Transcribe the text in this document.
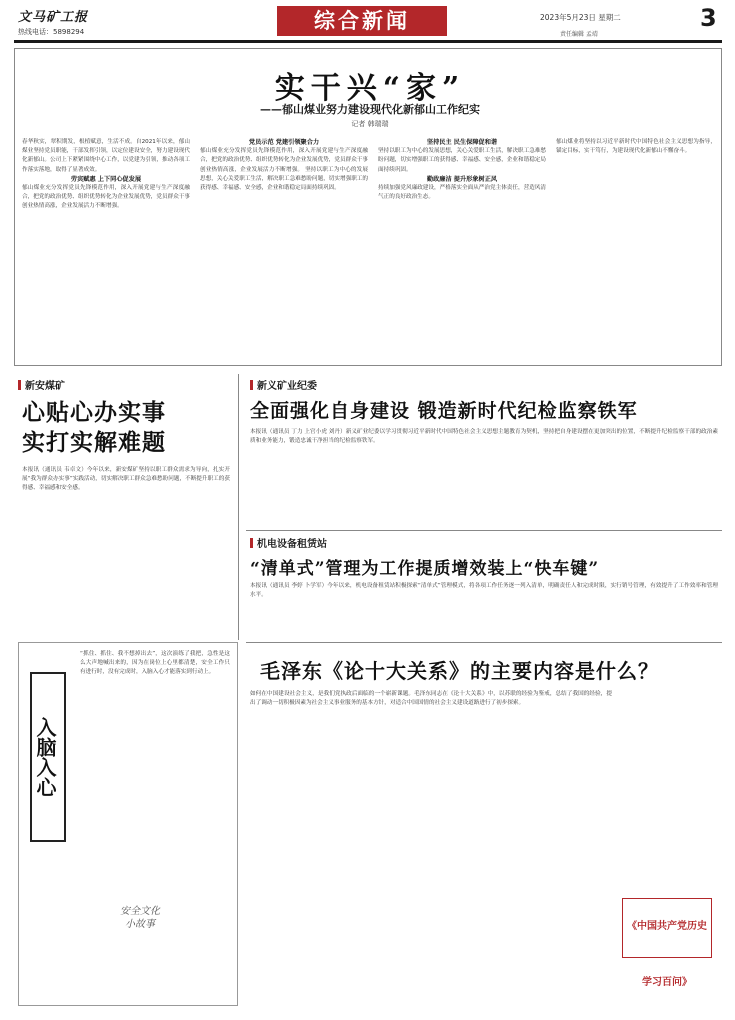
文马矿工报
热线电话：5898294	综合新闻	2023年5月23日 星期二	3
责任编辑 孟靖
实干兴“家”
——郁山煤业努力建设现代化新郁山工作纪实
记者 韩瑞瑞
春华秋实，翠积期发，根植赋意，生活不成。自2021年以来，郁山煤业坚持党员职能，干部发挥引领，以定位建设安全，努力建设现代化新郁山。公司上下紧紧围绕中心工作，以党建为引领，推动各项工作落实落地，取得了显著成效。
劳宾赋惠 上下同心促发展
郁山煤业充分发挥党员先锋模范作用，深入开展党建与生产深度融合，把党的政治优势、组织优势转化为企业发展优势，党员群众干事创业热情高涨，企业发展活力不断增强。
党员示范 党建引领聚合力
郁山煤业充分发挥党员先锋模范作用，深入开展党建与生产深度融合，把党的政治优势、组织优势转化为企业发展优势，党员群众干事创业热情高涨，企业发展活力不断增强。 坚持以职工为中心的发展思想，关心关爱职工生活，解决职工急难愁盼问题，切实增强职工的获得感、幸福感、安全感，企业和谐稳定局面持续巩固。
坚持民主 民生保障促和谐
坚持以职工为中心的发展思想，关心关爱职工生活，解决职工急难愁盼问题，切实增强职工的获得感、幸福感、安全感，企业和谐稳定局面持续巩固。
勤政廉洁 提升形象树正风
持续加强党风廉政建设，严格落实全面从严治党主体责任，营造风清气正的良好政治生态。
郁山煤业将坚持以习近平新时代中国特色社会主义思想为指导，锚定目标，实干笃行，为建设现代化新郁山不懈奋斗。
新安煤矿
心贴心办实事
实打实解难题
本报讯（通讯员 韦卓文）今年以来，新安煤矿坚持以职工群众需求为导向，扎实开展“我为群众办实事”实践活动，切实解决职工群众急难愁盼问题，不断提升职工的获得感、幸福感和安全感。
新义矿业纪委
全面强化自身建设 锻造新时代纪检监察铁军
本报讯（通讯员 丁力 上官小虎 刘丹）新义矿业纪委以学习贯彻习近平新时代中国特色社会主义思想主题教育为契机，坚持把自身建设摆在更加突出的位置，不断提升纪检监察干部的政治素质和业务能力，锻造忠诚干净担当的纪检监察铁军。
机电设备租赁站
“清单式”管理为工作提质增效装上“快车键”
本报讯（通讯员 李婷 卜学军）今年以来，机电设备租赁站积极探索“清单式”管理模式，将各项工作任务逐一列入清单，明确责任人和完成时限，实行销号管理，有效提升了工作效率和管理水平。
入脑入心
“抓住、抓住、我不想掉出去”，这次演练了我把，急性是这么大声地喊出来的，因为在岗位上心里都清楚，安全工作只有进行时，没有完成时，入脑入心才能落实到行动上。
安全文化小故事
毛泽东《论十大关系》的主要内容是什么？
如何在中国建设社会主义，是我们党执政后面临的一个崭新课题。毛泽东同志在《论十大关系》中，以苏联的经验为鉴戒，总结了我国的经验，提出了调动一切积极因素为社会主义事业服务的基本方针，对适合中国国情的社会主义建设道路进行了初步探索。
《中国共产党历史学习百问》
